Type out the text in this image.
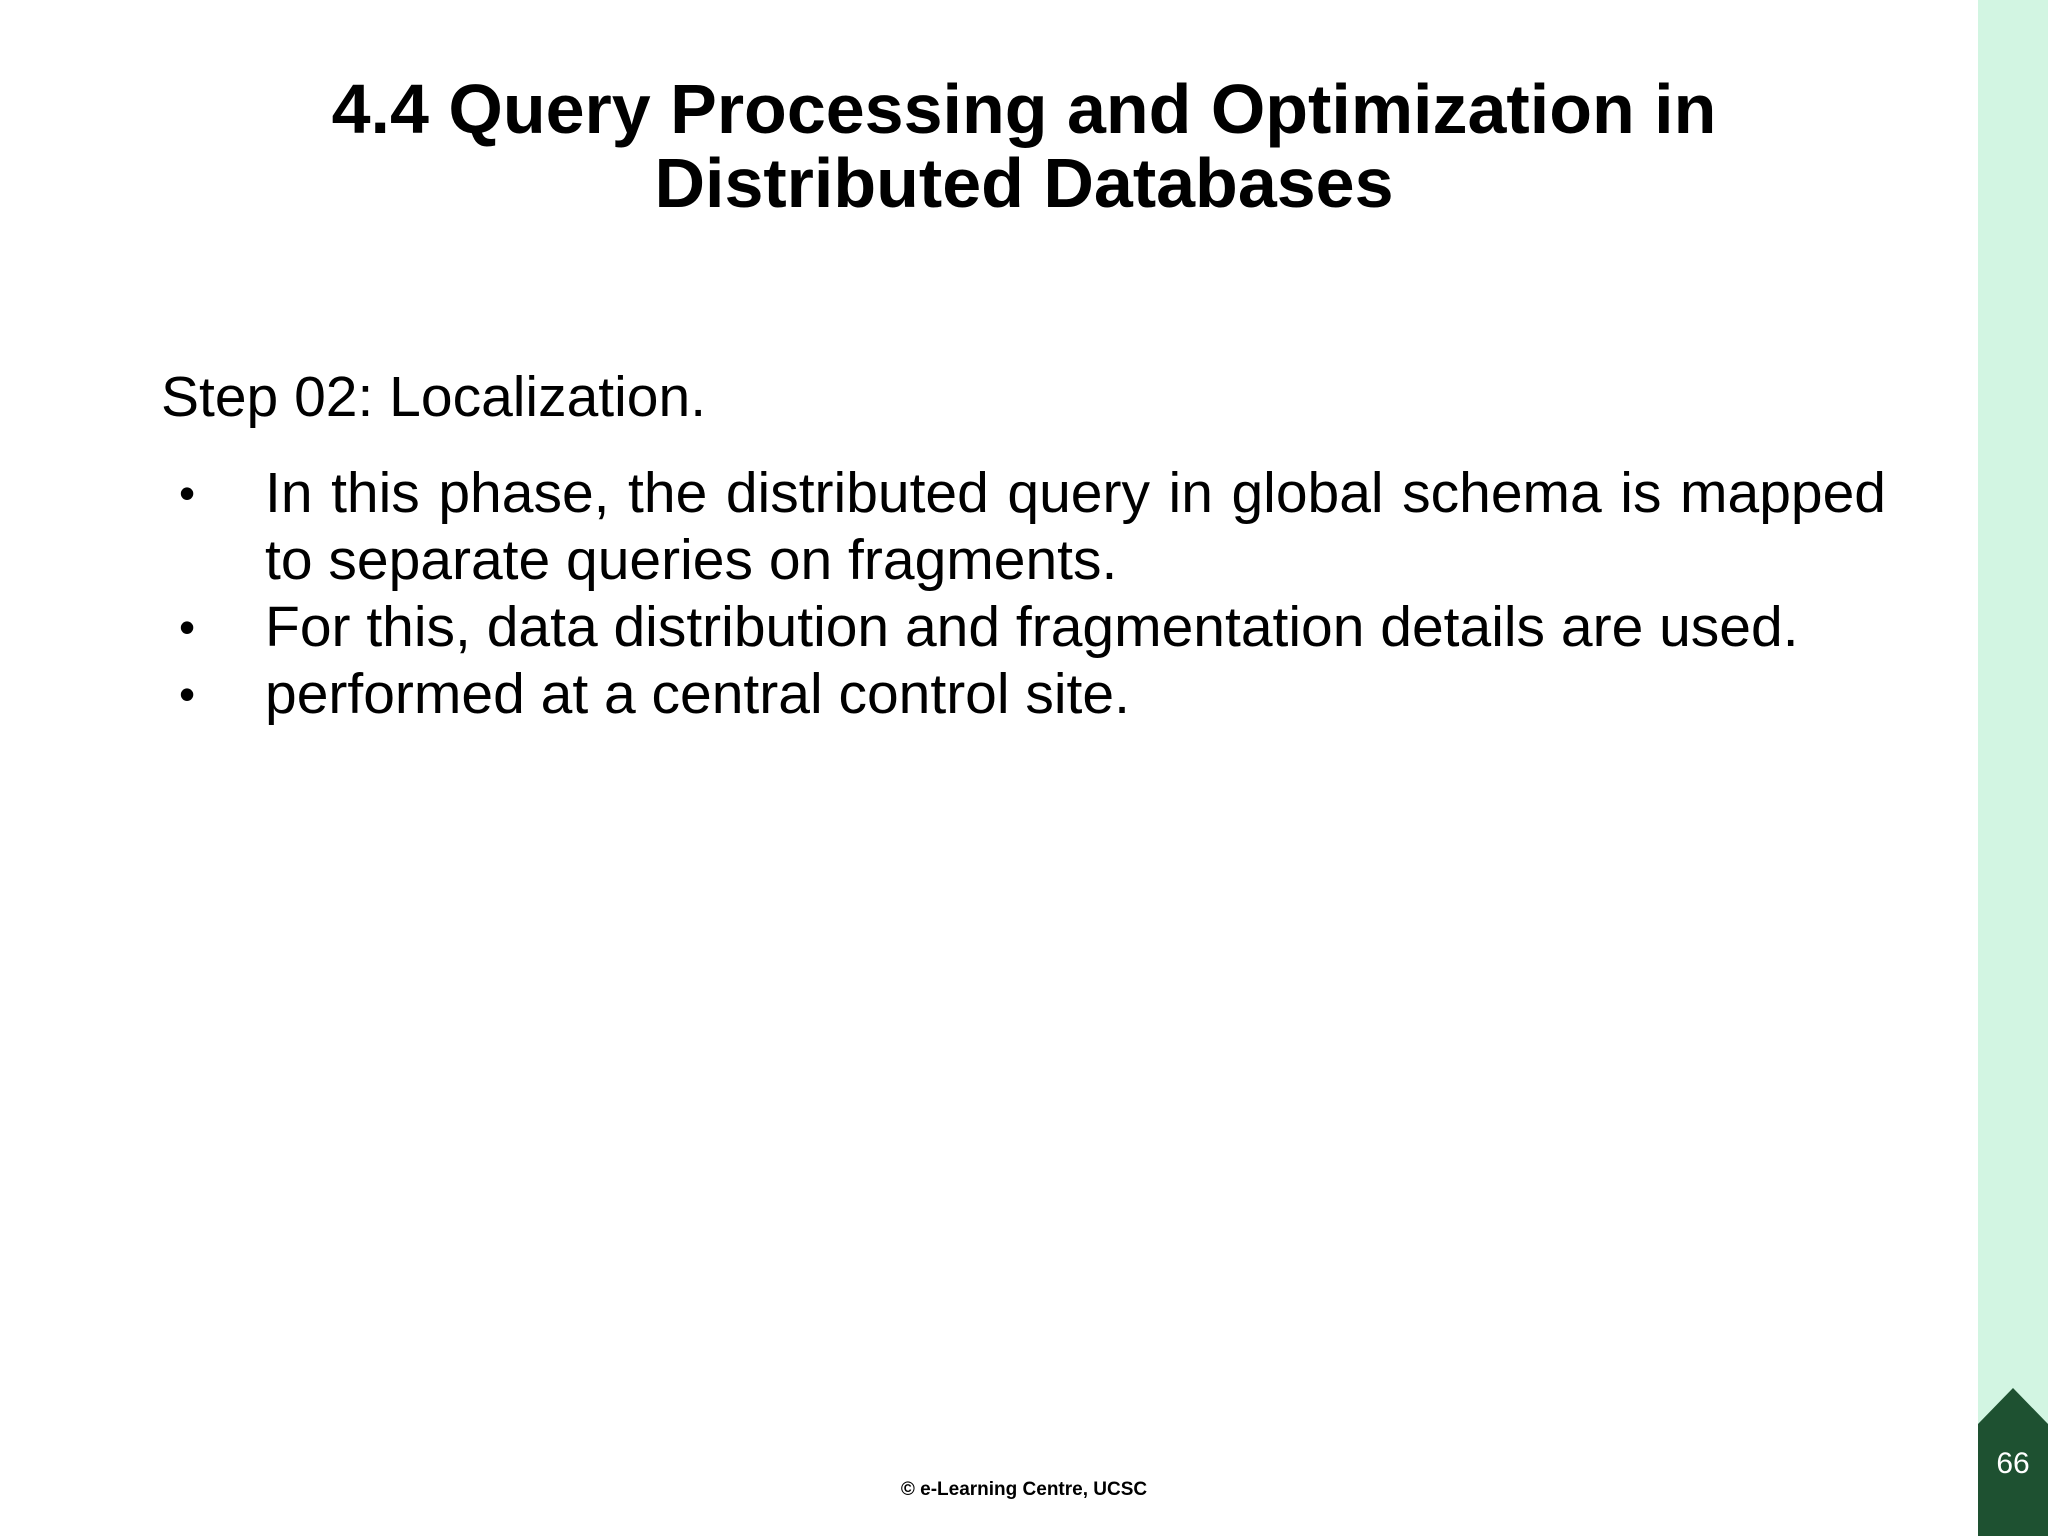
4.4 Query Processing and Optimization in
Distributed Databases
Step 02: Localization.
• In this phase, the distributed query in global schema is mapped to separate queries on fragments.
• For this, data distribution and fragmentation details are used.
• performed at a central control site.
© e-Learning Centre, UCSC
66
